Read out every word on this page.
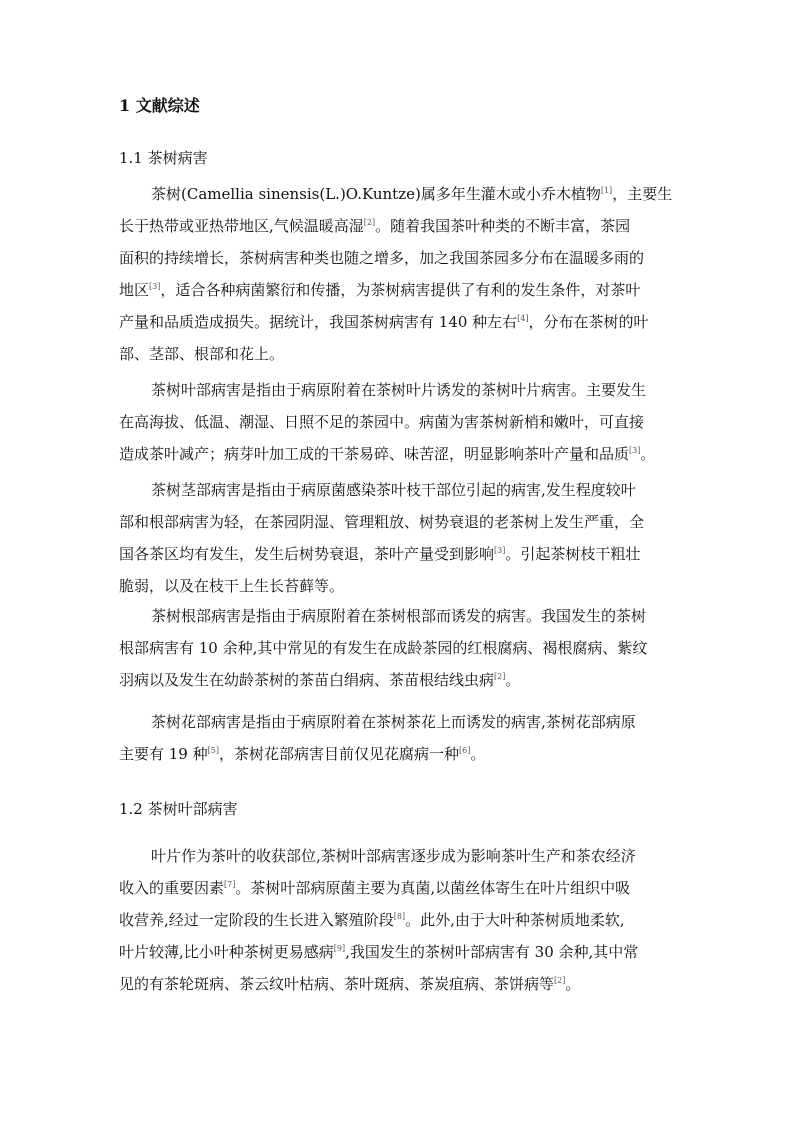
1 文献综述
1.1 茶树病害
茶树(Camellia sinensis(L.)O.Kuntze)属多年生灌木或小乔木植物[1]，主要生
长于热带或亚热带地区,气候温暖高湿[2]。随着我国茶叶种类的不断丰富，茶园
面积的持续增长，茶树病害种类也随之增多，加之我国茶园多分布在温暖多雨的
地区[3]，适合各种病菌繁衍和传播，为茶树病害提供了有利的发生条件，对茶叶
产量和品质造成损失。据统计，我国茶树病害有 140 种左右[4]，分布在茶树的叶
部、茎部、根部和花上。
茶树叶部病害是指由于病原附着在茶树叶片诱发的茶树叶片病害。主要发生
在高海拔、低温、潮湿、日照不足的茶园中。病菌为害茶树新梢和嫩叶，可直接
造成茶叶减产；病芽叶加工成的干茶易碎、味苦涩，明显影响茶叶产量和品质[3]。
茶树茎部病害是指由于病原菌感染茶叶枝干部位引起的病害,发生程度较叶
部和根部病害为轻，在茶园阴湿、管理粗放、树势衰退的老茶树上发生严重，全
国各茶区均有发生，发生后树势衰退，茶叶产量受到影响[3]。引起茶树枝干粗壮
脆弱，以及在枝干上生长苔藓等。
茶树根部病害是指由于病原附着在茶树根部而诱发的病害。我国发生的茶树
根部病害有 10 余种,其中常见的有发生在成龄茶园的红根腐病、褐根腐病、紫纹
羽病以及发生在幼龄茶树的茶苗白绢病、茶苗根结线虫病[2]。
茶树花部病害是指由于病原附着在茶树茶花上而诱发的病害,茶树花部病原
主要有 19 种[5]，茶树花部病害目前仅见花腐病一种[6]。
1.2 茶树叶部病害
叶片作为茶叶的收获部位,茶树叶部病害逐步成为影响茶叶生产和茶农经济
收入的重要因素[7]。茶树叶部病原菌主要为真菌,以菌丝体寄生在叶片组织中吸
收营养,经过一定阶段的生长进入繁殖阶段[8]。此外,由于大叶种茶树质地柔软,
叶片较薄,比小叶种茶树更易感病[9],我国发生的茶树叶部病害有 30 余种,其中常
见的有茶轮斑病、茶云纹叶枯病、茶叶斑病、茶炭疽病、茶饼病等[2]。
